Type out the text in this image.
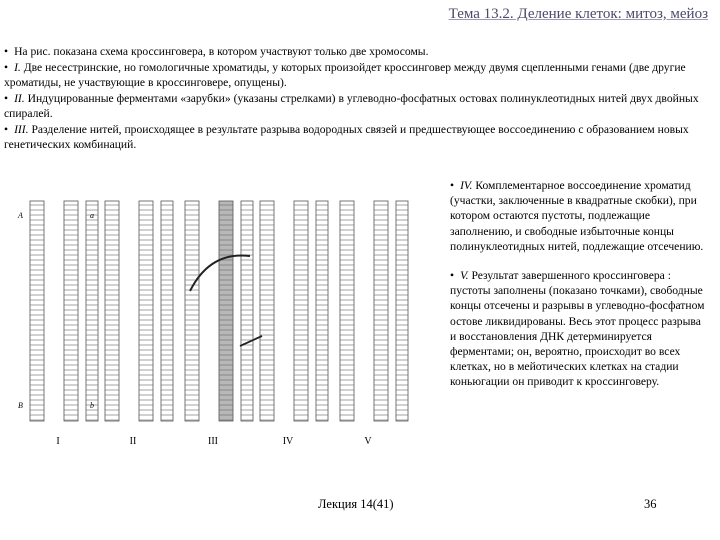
Тема 13.2. Деление клеток: митоз, мейоз
• На рис. показана схема кроссинговера, в котором участвуют только две хромосомы.
• I. Две несестринские, но гомологичные хроматиды, у которых произойдет кроссинговер между двумя сцепленными генами (две другие хроматиды, не участвующие в кроссинговере, опущены).
• II. Индуцированные ферментами «зарубки» (указаны стрелками) в углеводно-фосфатных остовах полинуклеотидных нитей двух двойных спиралей.
• III. Разделение нитей, происходящее в результате разрыва водородных связей и предшествующее воссоединению с образованием новых генетических комбинаций.
I	II	III	IV	V
A	a
B	b
• IV. Комплементарное воссоединение хроматид (участки, заключенные в квадратные скобки), при котором остаются пустоты, подлежащие заполнению, и свободные избыточные концы полинуклеотидных нитей, подлежащие отсечению.
• V. Результат завершенного кроссинговера : пустоты заполнены (показано точками), свободные концы отсечены и разрывы в углеводно-фосфатном остове ликвидированы. Весь этот процесс разрыва и восстановления ДНК детерминируется ферментами; он, вероятно, происходит во всех клетках, но в мейотических клетках на стадии коньюгации он приводит к кроссинговеру.
Лекция 14(41)	36
